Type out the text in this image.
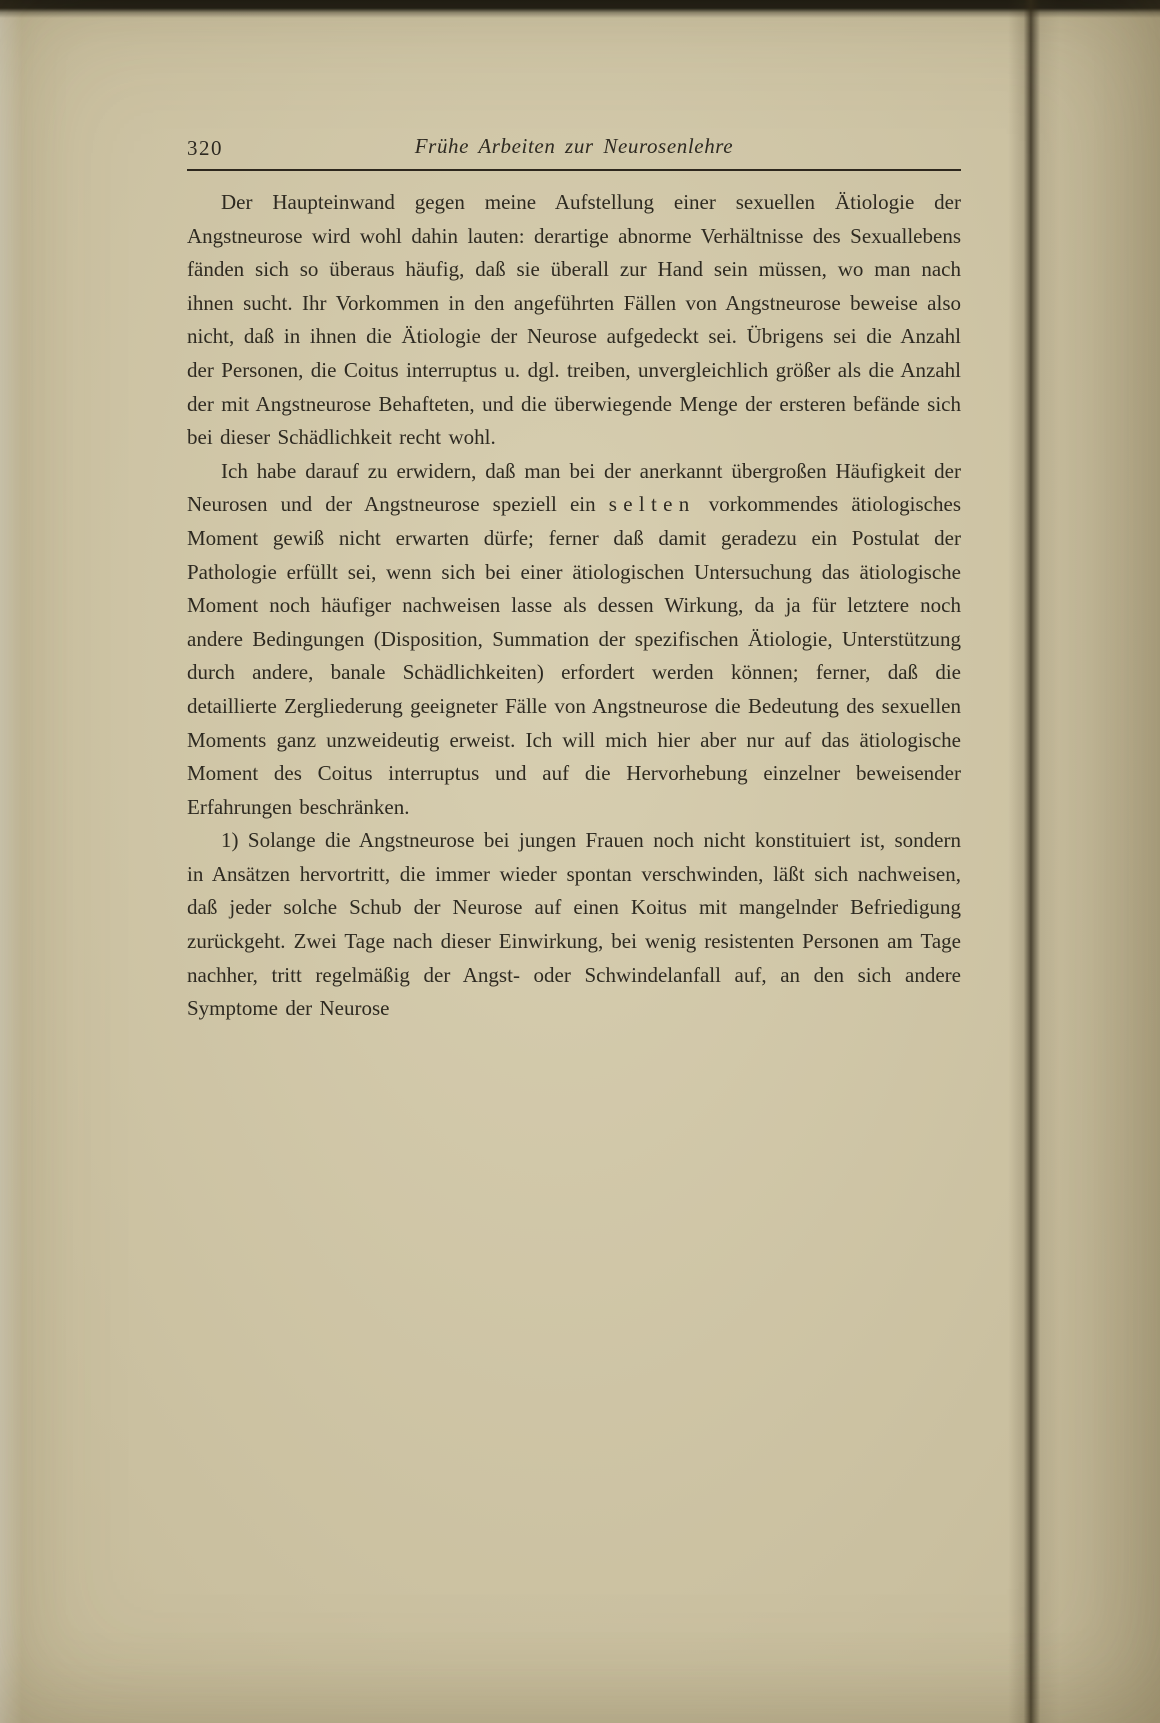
320	Frühe Arbeiten zur Neurosenlehre

Der Haupteinwand gegen meine Aufstellung einer sexuellen Ätiologie der Angstneurose wird wohl dahin lauten: derartige abnorme Verhältnisse des Sexuallebens fänden sich so überaus häufig, daß sie überall zur Hand sein müssen, wo man nach ihnen sucht. Ihr Vorkommen in den angeführten Fällen von Angstneurose beweise also nicht, daß in ihnen die Ätiologie der Neurose aufgedeckt sei. Übrigens sei die Anzahl der Personen, die Coitus interruptus u. dgl. treiben, unvergleichlich größer als die Anzahl der mit Angstneurose Behafteten, und die überwiegende Menge der ersteren befände sich bei dieser Schädlichkeit recht wohl.

Ich habe darauf zu erwidern, daß man bei der anerkannt übergroßen Häufigkeit der Neurosen und der Angstneurose speziell ein selten vorkommendes ätiologisches Moment gewiß nicht erwarten dürfe; ferner daß damit geradezu ein Postulat der Pathologie erfüllt sei, wenn sich bei einer ätiologischen Untersuchung das ätiologische Moment noch häufiger nachweisen lasse als dessen Wirkung, da ja für letztere noch andere Bedingungen (Disposition, Summation der spezifischen Ätiologie, Unterstützung durch andere, banale Schädlichkeiten) erfordert werden können; ferner, daß die detaillierte Zergliederung geeigneter Fälle von Angstneurose die Bedeutung des sexuellen Moments ganz unzweideutig erweist. Ich will mich hier aber nur auf das ätiologische Moment des Coitus interruptus und auf die Hervorhebung einzelner beweisender Erfahrungen beschränken.

1) Solange die Angstneurose bei jungen Frauen noch nicht konstituiert ist, sondern in Ansätzen hervortritt, die immer wieder spontan verschwinden, läßt sich nachweisen, daß jeder solche Schub der Neurose auf einen Koitus mit mangelnder Befriedigung zurückgeht. Zwei Tage nach dieser Einwirkung, bei wenig resistenten Personen am Tage nachher, tritt regelmäßig der Angst- oder Schwindelanfall auf, an den sich andere Symptome der Neurose
